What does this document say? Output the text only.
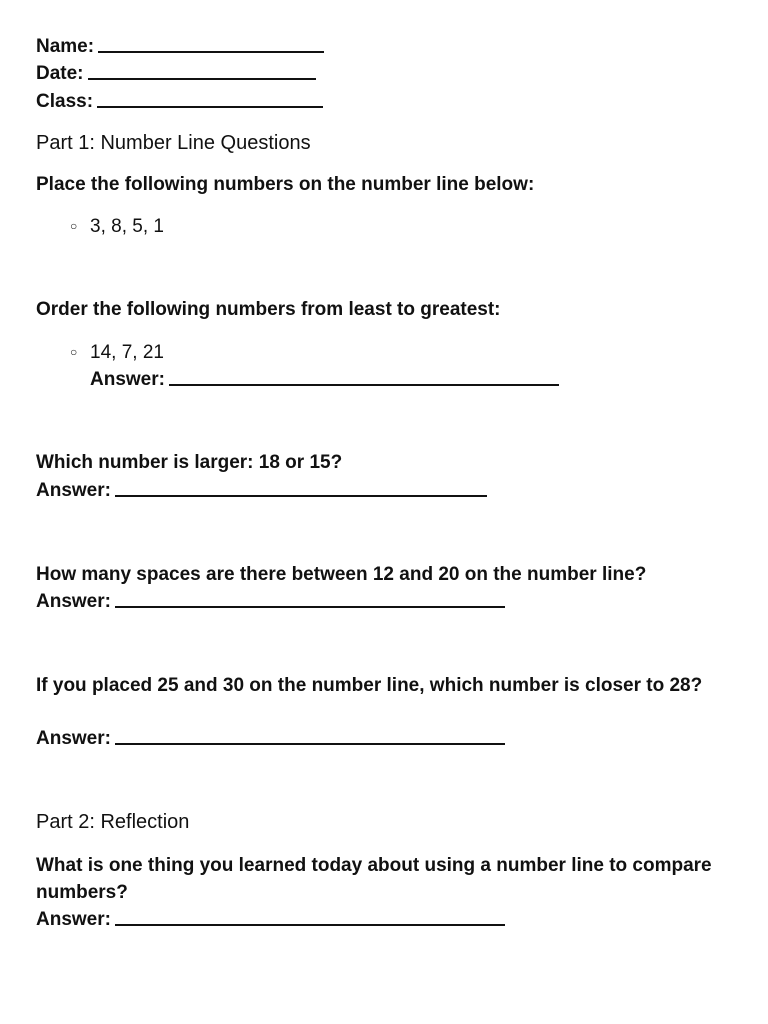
Name:
Date:
Class:
Part 1: Number Line Questions
Place the following numbers on the number line below:
○ 3, 8, 5, 1
Order the following numbers from least to greatest:
○ 14, 7, 21
Answer:
Which number is larger: 18 or 15?
Answer:
How many spaces are there between 12 and 20 on the number line?
Answer:
If you placed 25 and 30 on the number line, which number is closer to 28?
Answer:
Part 2: Reflection
What is one thing you learned today about using a number line to compare numbers?
Answer:
